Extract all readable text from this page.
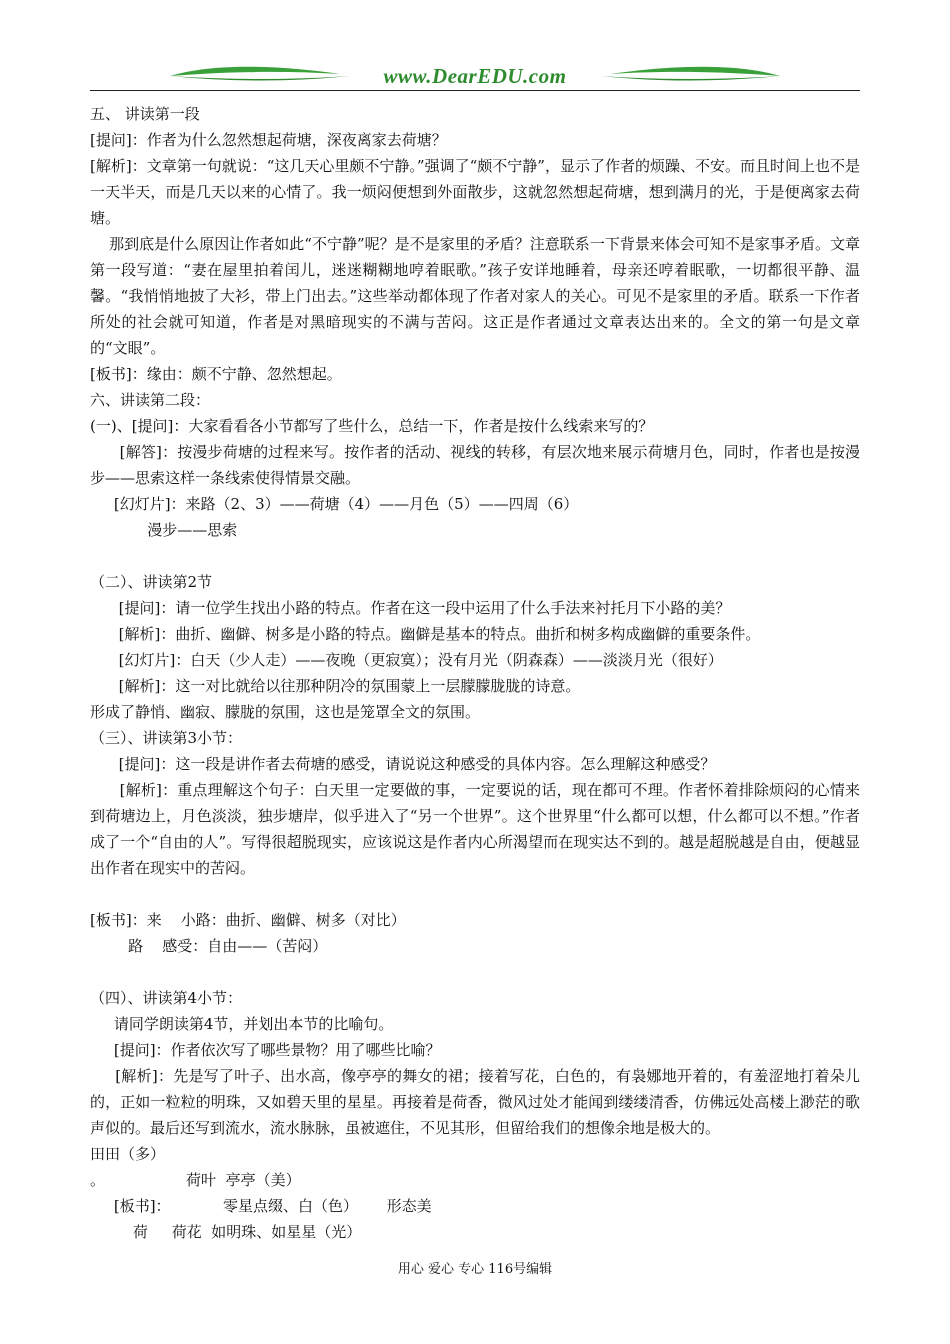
www.DearEDU.com

五、 讲读第一段

[提问]：作者为什么忽然想起荷塘，深夜离家去荷塘？

[解析]：文章第一句就说：“这几天心里颇不宁静。”强调了“颇不宁静”，显示了作者的烦躁、不安。而且时间上也不是一天半天，而是几天以来的心情了。我一烦闷便想到外面散步，这就忽然想起荷塘，想到满月的光，于是便离家去荷塘。

那到底是什么原因让作者如此“不宁静”呢？是不是家里的矛盾？注意联系一下背景来体会可知不是家事矛盾。文章第一段写道：“妻在屋里拍着闰儿，迷迷糊糊地哼着眠歌。”孩子安详地睡着，母亲还哼着眠歌，一切都很平静、温馨。“我悄悄地披了大衫，带上门出去。”这些举动都体现了作者对家人的关心。可见不是家里的矛盾。联系一下作者所处的社会就可知道，作者是对黑暗现实的不满与苦闷。这正是作者通过文章表达出来的。全文的第一句是文章的“文眼”。

[板书]：缘由：颇不宁静、忽然想起。

六、讲读第二段：

(一)、[提问]：大家看看各小节都写了些什么，总结一下，作者是按什么线索来写的？

[解答]：按漫步荷塘的过程来写。按作者的活动、视线的转移，有层次地来展示荷塘月色，同时，作者也是按漫步——思索这样一条线索使得情景交融。

[幻灯片]：来路（2、3）——荷塘（4）——月色（5）——四周（6）

漫步——思索

（二）、讲读第2节

[提问]：请一位学生找出小路的特点。作者在这一段中运用了什么手法来衬托月下小路的美？

[解析]：曲折、幽僻、树多是小路的特点。幽僻是基本的特点。曲折和树多构成幽僻的重要条件。

[幻灯片]：白天（少人走）——夜晚（更寂寞）；没有月光（阴森森）——淡淡月光（很好）

[解析]：这一对比就给以往那种阴冷的氛围蒙上一层朦朦胧胧的诗意。

形成了静悄、幽寂、朦胧的氛围，这也是笼罩全文的氛围。

（三）、讲读第3小节：

[提问]：这一段是讲作者去荷塘的感受，请说说这种感受的具体内容。怎么理解这种感受？

[解析]：重点理解这个句子：白天里一定要做的事，一定要说的话，现在都可不理。作者怀着排除烦闷的心情来到荷塘边上，月色淡淡，独步塘岸，似乎进入了“另一个世界”。这个世界里“什么都可以想，什么都可以不想。”作者成了一个“自由的人”。写得很超脱现实，应该说这是作者内心所渴望而在现实达不到的。越是超脱越是自由，便越显出作者在现实中的苦闷。

[板书]：来    小路：曲折、幽僻、树多（对比）

路    感受：自由——（苦闷）

（四）、讲读第4小节：

请同学朗读第4节，并划出本节的比喻句。

[提问]：作者依次写了哪些景物？用了哪些比喻？

[解析]：先是写了叶子、出水高，像亭亭的舞女的裙；接着写花，白色的，有袅娜地开着的，有羞涩地打着朵儿的，正如一粒粒的明珠，又如碧天里的星星。再接着是荷香，微风过处才能闻到缕缕清香，仿佛远处高楼上渺茫的歌声似的。最后还写到流水，流水脉脉，虽被遮住，不见其形，但留给我们的想像余地是极大的。

田田（多）

。                 荷叶  亭亭（美）

[板书]：           零星点缀、白（色）      形态美

荷     荷花  如明珠、如星星（光）

用心 爱心 专心 116号编辑
